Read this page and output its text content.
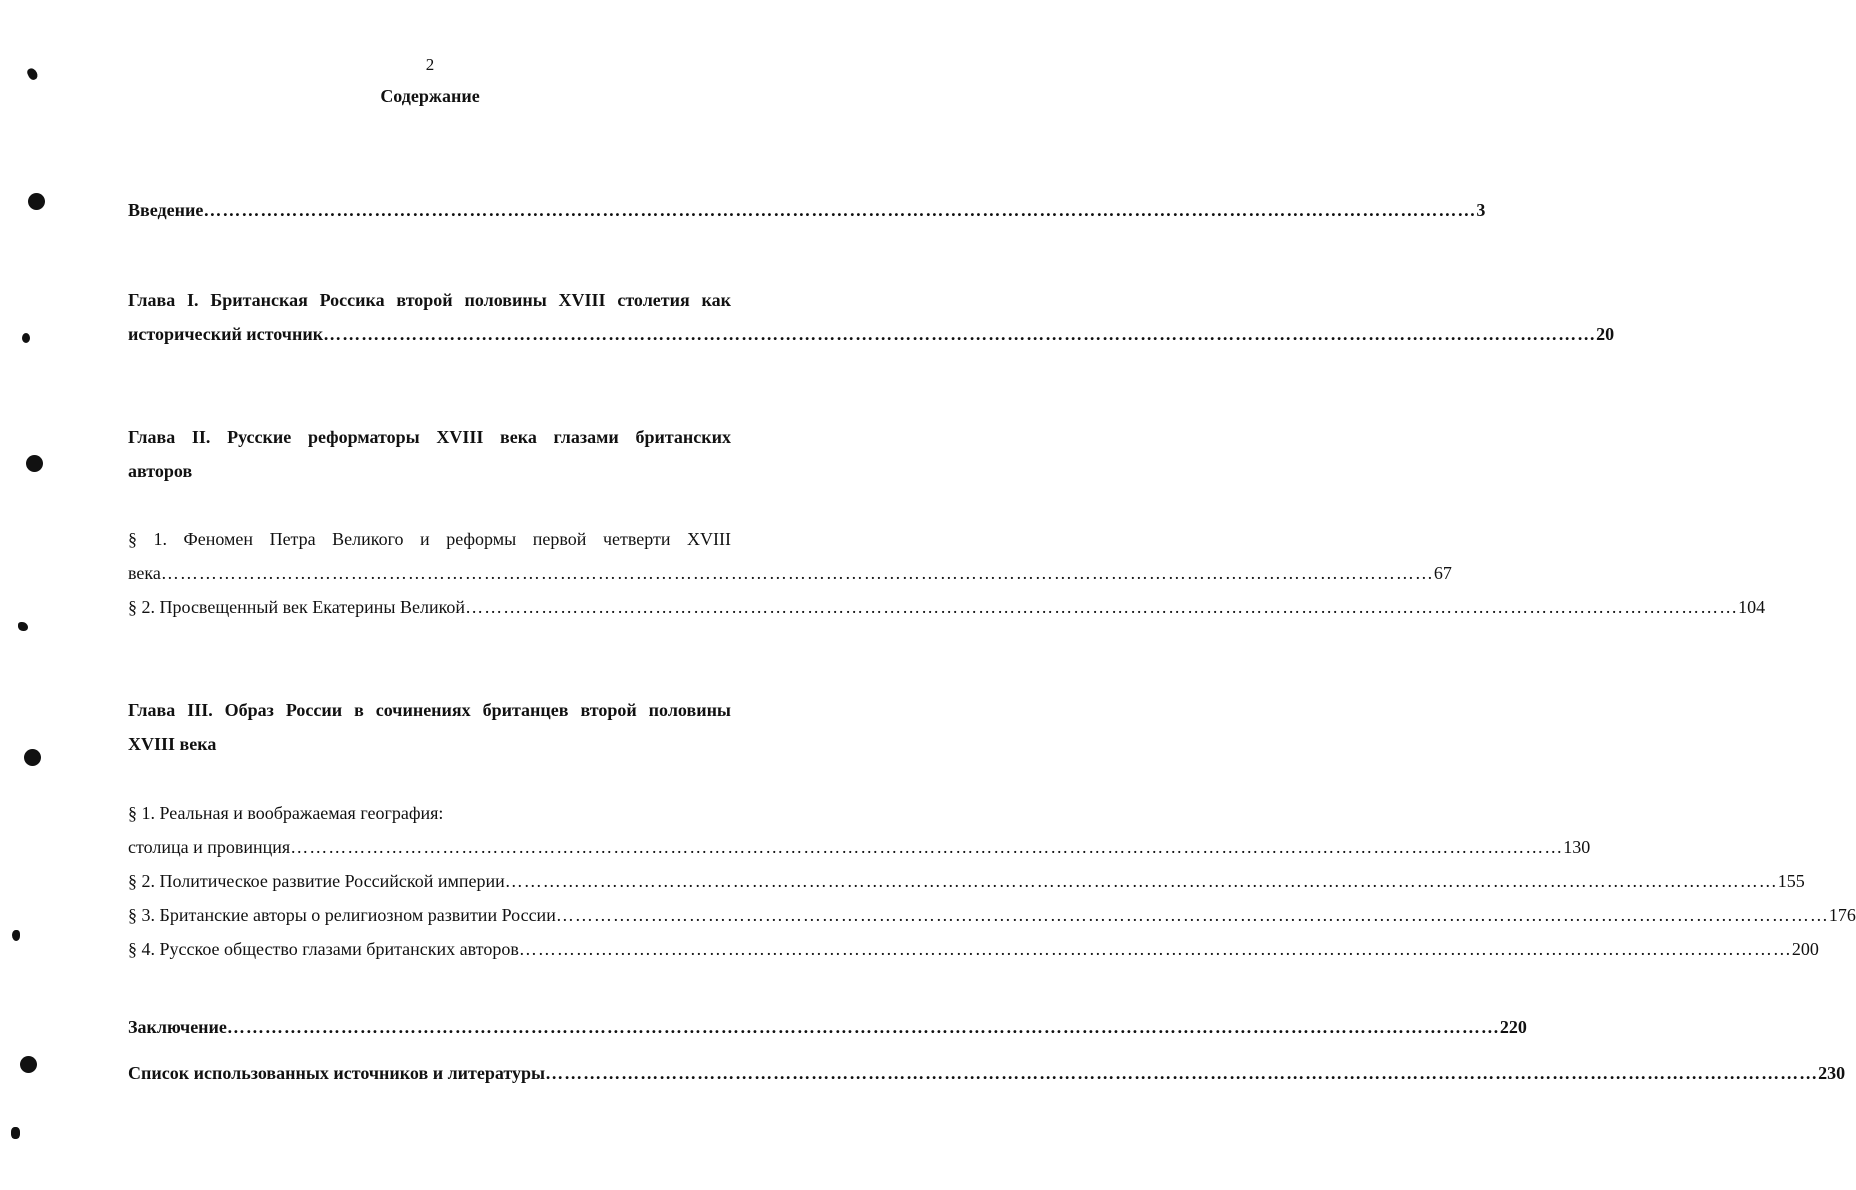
2
Содержание
Введение ………………………………………………………………………………………………………………………………………………………………………………… 3
Глава I. Британская Россика второй половины XVIII столетия как
исторический источник ………………………………………………………………………………………………………………………………………………………………………………… 20
Глава II. Русские реформаторы XVIII века глазами британских
авторов
§ 1. Феномен Петра Великого и реформы первой четверти XVIII
века ………………………………………………………………………………………………………………………………………………………………………………… 67
§ 2. Просвещенный век Екатерины Великой ………………………………………………………………………………………………………………………………………………………………………………… 104
Глава III. Образ России в сочинениях британцев второй половины
XVIII века
§ 1. Реальная и воображаемая география:
столица и провинция ………………………………………………………………………………………………………………………………………………………………………………… 130
§ 2. Политическое развитие Российской империи ………………………………………………………………………………………………………………………………………………………………………………… 155
§ 3. Британские авторы о религиозном развитии России ………………………………………………………………………………………………………………………………………………………………………………… 176
§ 4. Русское общество глазами британских авторов ………………………………………………………………………………………………………………………………………………………………………………… 200
Заключение ………………………………………………………………………………………………………………………………………………………………………………… 220
Список использованных источников и литературы ………………………………………………………………………………………………………………………………………………………………………………… 230
